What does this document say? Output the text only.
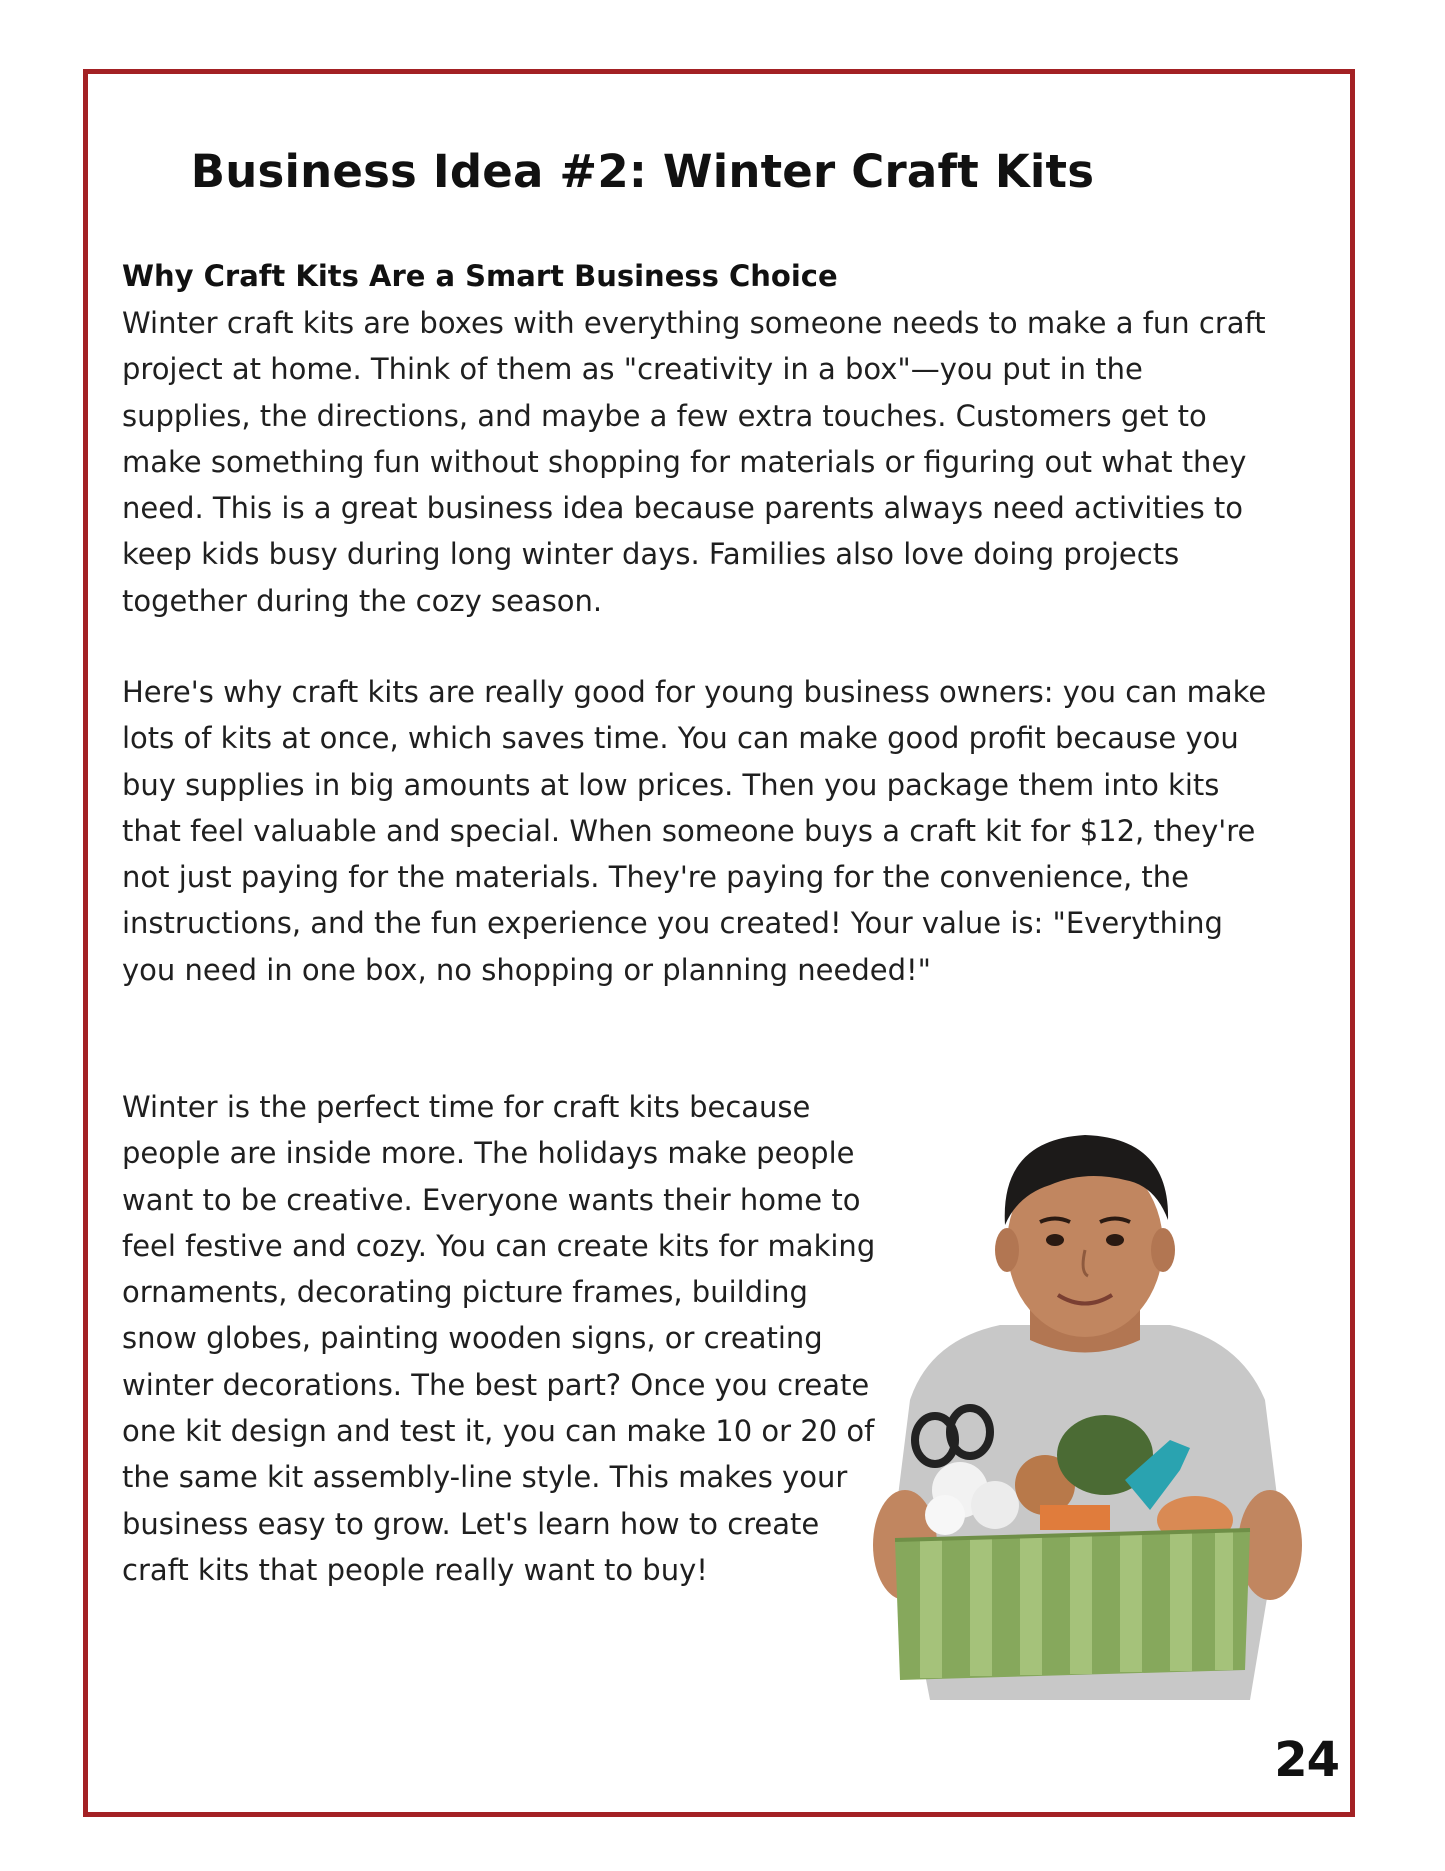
Business Idea #2: Winter Craft Kits
Why Craft Kits Are a Smart Business Choice

Winter craft kits are boxes with everything someone needs to make a fun craft project at home. Think of them as "creativity in a box"—you put in the supplies, the directions, and maybe a few extra touches. Customers get to make something fun without shopping for materials or figuring out what they need. This is a great business idea because parents always need activities to keep kids busy during long winter days. Families also love doing projects together during the cozy season.

Here's why craft kits are really good for young business owners: you can make lots of kits at once, which saves time. You can make good profit because you buy supplies in big amounts at low prices. Then you package them into kits that feel valuable and special. When someone buys a craft kit for $12, they're not just paying for the materials. They're paying for the convenience, the instructions, and the fun experience you created! Your value is: "Everything you need in one box, no shopping or planning needed!"

Winter is the perfect time for craft kits because people are inside more. The holidays make people want to be creative. Everyone wants their home to feel festive and cozy. You can create kits for making ornaments, decorating picture frames, building snow globes, painting wooden signs, or creating winter decorations. The best part? Once you create one kit design and test it, you can make 10 or 20 of the same kit assembly-line style. This makes your business easy to grow. Let's learn how to create craft kits that people really want to buy!

24
